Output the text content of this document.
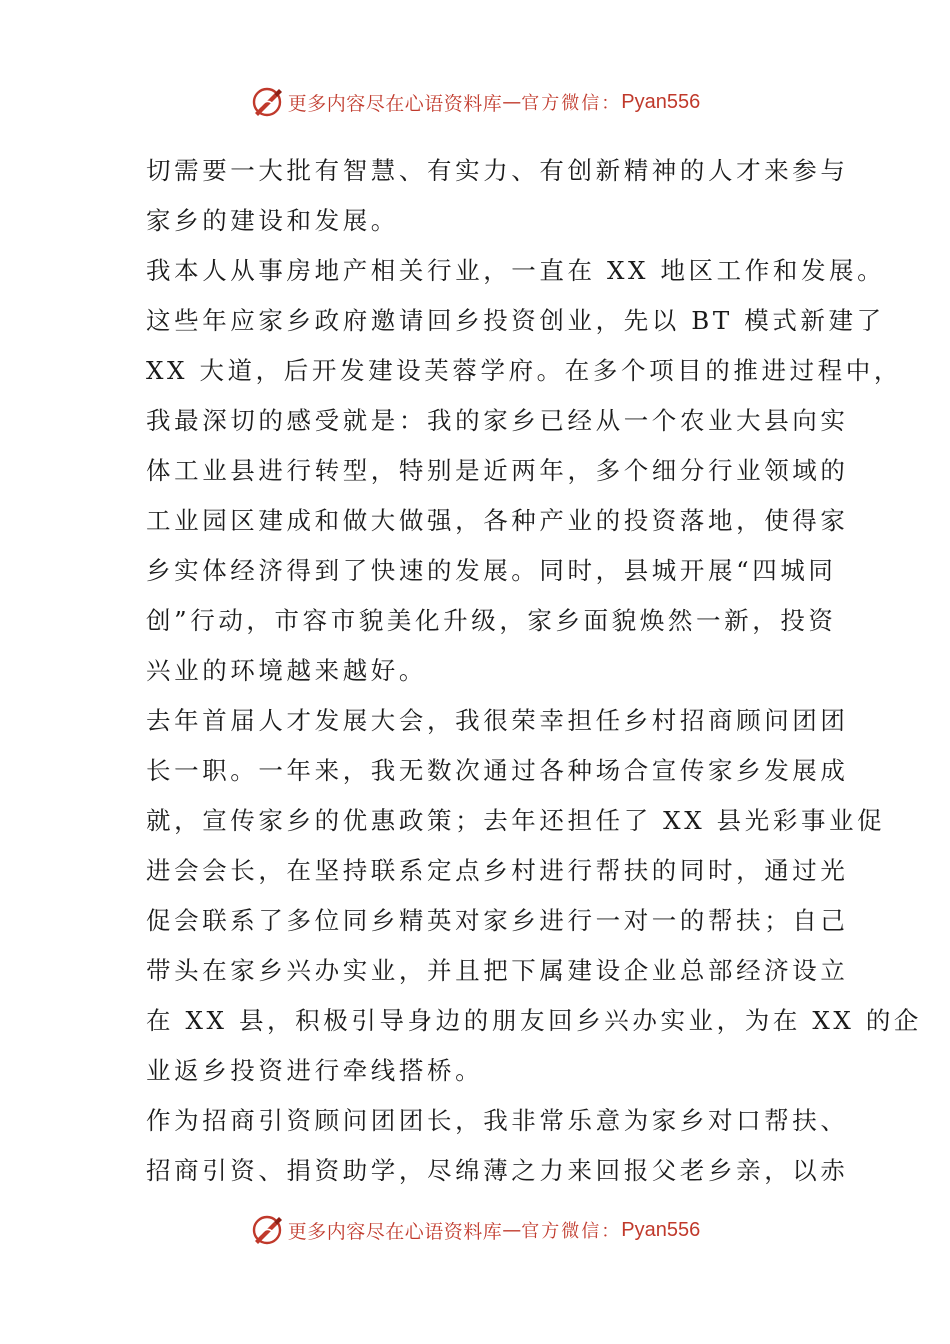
更多内容尽在心语资料库 — 官方微信： Pyan556
切需要一大批有智慧、有实力、有创新精神的人才来参与
家乡的建设和发展。
我本人从事房地产相关行业，一直在 XX 地区工作和发展。
这些年应家乡政府邀请回乡投资创业，先以 BT 模式新建了
XX 大道，后开发建设芙蓉学府。在多个项目的推进过程中，
我最深切的感受就是：我的家乡已经从一个农业大县向实
体工业县进行转型，特别是近两年，多个细分行业领域的
工业园区建成和做大做强，各种产业的投资落地，使得家
乡实体经济得到了快速的发展。同时，县城开展“四城同
创”行动，市容市貌美化升级，家乡面貌焕然一新，投资
兴业的环境越来越好。
去年首届人才发展大会，我很荣幸担任乡村招商顾问团团
长一职。一年来，我无数次通过各种场合宣传家乡发展成
就，宣传家乡的优惠政策；去年还担任了 XX 县光彩事业促
进会会长，在坚持联系定点乡村进行帮扶的同时，通过光
促会联系了多位同乡精英对家乡进行一对一的帮扶；自己
带头在家乡兴办实业，并且把下属建设企业总部经济设立
在 XX 县，积极引导身边的朋友回乡兴办实业，为在 XX 的企
业返乡投资进行牵线搭桥。
作为招商引资顾问团团长，我非常乐意为家乡对口帮扶、
招商引资、捐资助学，尽绵薄之力来回报父老乡亲，以赤
更多内容尽在心语资料库 — 官方微信： Pyan556
